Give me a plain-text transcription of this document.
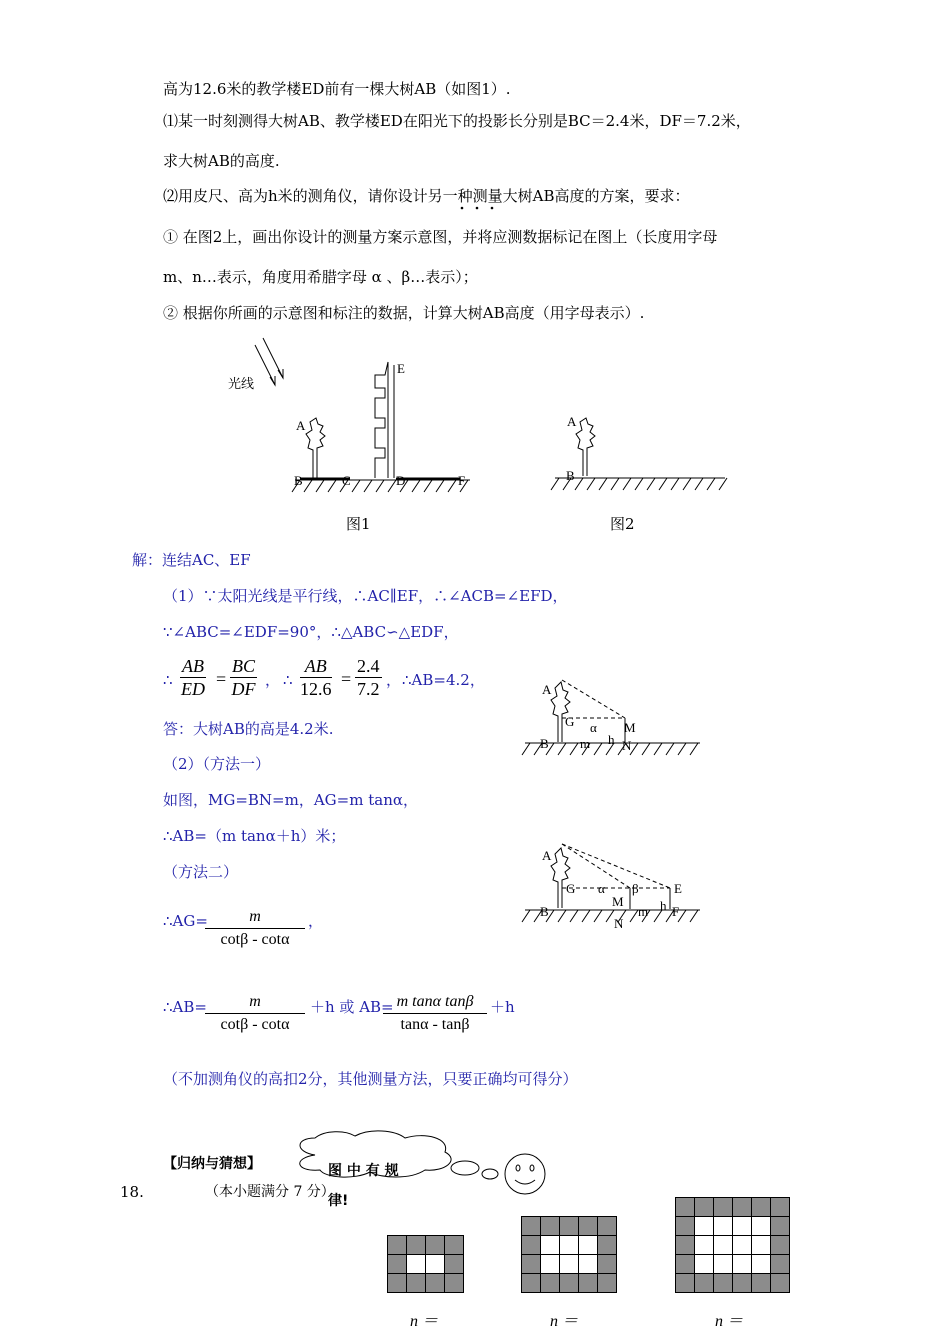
高为12.6米的教学楼ED前有一棵大树AB（如图1）.
⑴某一时刻测得大树AB、教学楼ED在阳光下的投影长分别是BC＝2.4米，DF＝7.2米，
求大树AB的高度.
⑵用皮尺、高为h米的测角仪，请你设计另一种测量大树AB高度的方案，要求：
① 在图2上，画出你设计的测量方案示意图，并将应测数据标记在图上（长度用字母
m、n…表示，角度用希腊字母 α 、β…表示）；
② 根据你所画的示意图和标注的数据，计算大树AB高度（用字母表示）.
光线
A
B	C	D
E
F
图1
A
B
图2
解：连结AC、EF
（1）∵太阳光线是平行线，∴AC∥EF，∴∠ACB=∠EFD，
∵∠ABC=∠EDF=90°，∴△ABC∽△EDF，
∴ $\frac{AB}{ED} = \frac{BC}{DF}$ ， ∴ $\frac{AB}{12.6} = \frac{2.4}{7.2}$ ， ∴AB=4.2，
答：大树AB的高是4.2米.
（2）（方法一）
如图，MG=BN=m，AG=m tanα，
∴AB=（m tanα＋h）米；
（方法二）
∴AG=
$\frac{m}{\cot\beta - \cot\alpha}$ ，
∴AB=
$\frac{m}{\cot\beta - \cot\alpha} +h$ 或 AB=
$\frac{\text{m tanα tanβ}}{\tan\alpha - \tan\beta} +h$
（不加测角仪的高扣2分，其他测量方法，只要正确均可得分）
A
G α M
h
B m N
A
G α β	E
M	h
B	m F
N
【归纳与猜想】	图 中 有 规
律!
18.	（本小题满分 7 分）
n ＝	n ＝	n ＝
